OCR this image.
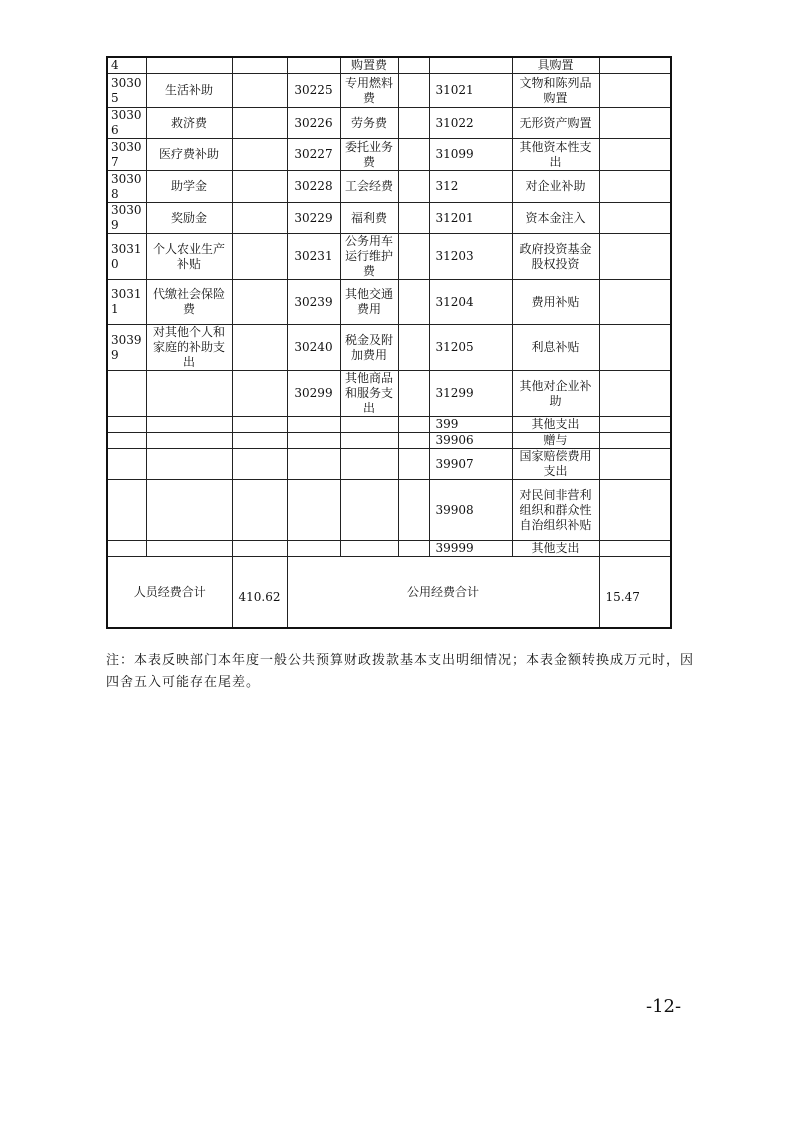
4				购置费			具购置	
30305	生活补助		30225	专用燃料费		31021	文物和陈列品购置	
30306	救济费		30226	劳务费		31022	无形资产购置	
30307	医疗费补助		30227	委托业务费		31099	其他资本性支出	
30308	助学金		30228	工会经费		312	对企业补助	
30309	奖励金		30229	福利费		31201	资本金注入	
30310	个人农业生产补贴		30231	公务用车运行维护费		31203	政府投资基金股权投资	
30311	代缴社会保险费		30239	其他交通费用		31204	费用补贴	
30399	对其他个人和家庭的补助支出		30240	税金及附加费用		31205	利息补贴	
			30299	其他商品和服务支出		31299	其他对企业补助	
						399	其他支出	
						39906	赠与	
						39907	国家赔偿费用支出	
						39908	对民间非营利组织和群众性自治组织补贴	
						39999	其他支出	
人员经费合计		410.62	公用经费合计					15.47
注：本表反映部门本年度一般公共预算财政拨款基本支出明细情况；本表金额转换成万元时，因四舍五入可能存在尾差。
-12-
